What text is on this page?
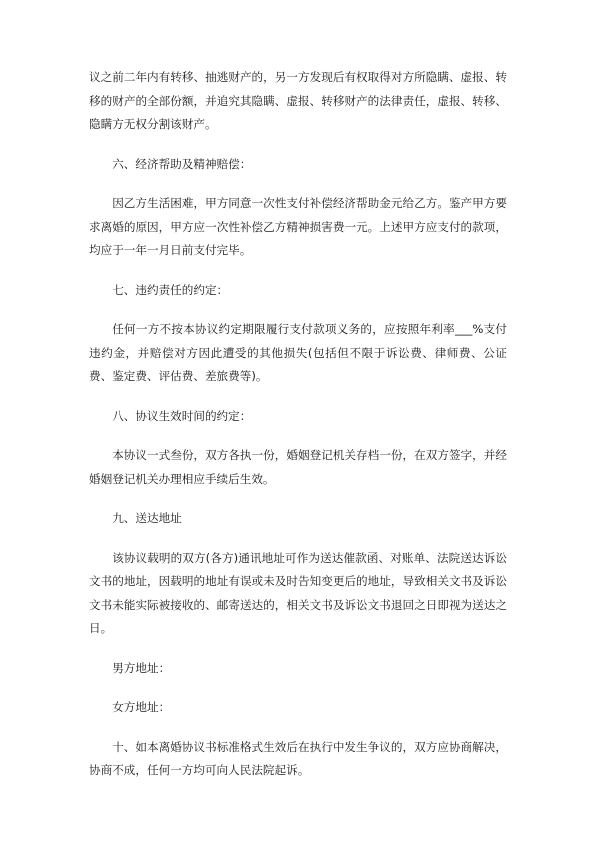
议之前二年内有转移、抽逃财产的，另一方发现后有权取得对方所隐瞒、虚报、转移的财产的全部份额，并追究其隐瞒、虚报、转移财产的法律责任，虚报、转移、隐瞒方无权分割该财产。

六、经济帮助及精神赔偿：

因乙方生活困难，甲方同意一次性支付补偿经济帮助金元给乙方。鉴产甲方要求离婚的原因，甲方应一次性补偿乙方精神损害费一元。上述甲方应支付的款项，均应于一年一月日前支付完毕。

七、违约责任的约定：

任何一方不按本协议约定期限履行支付款项义务的，应按照年利率___%支付违约金，并赔偿对方因此遭受的其他损失(包括但不限于诉讼费、律师费、公证费、鉴定费、评估费、差旅费等)。

八、协议生效时间的约定：

本协议一式叁份，双方各执一份，婚姻登记机关存档一份，在双方签字，并经婚姻登记机关办理相应手续后生效。

九、送达地址

该协议载明的双方(各方)通讯地址可作为送达催款函、对账单、法院送达诉讼文书的地址，因载明的地址有误或未及时告知变更后的地址，导致相关文书及诉讼文书未能实际被接收的、邮寄送达的，相关文书及诉讼文书退回之日即视为送达之日。

男方地址：

女方地址：

十、如本离婚协议书标准格式生效后在执行中发生争议的，双方应协商解决，协商不成，任何一方均可向人民法院起诉。
